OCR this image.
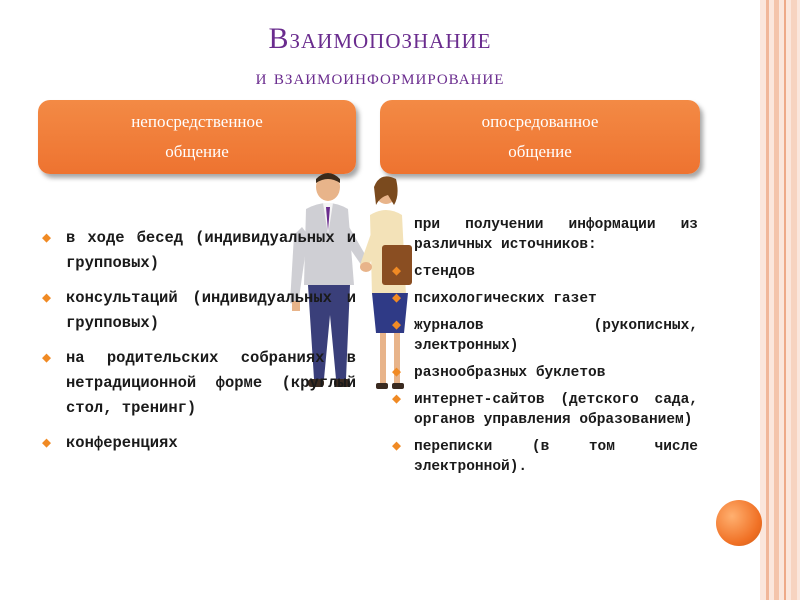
Взаимопознание
и взаимоинформирование
непосредственное
общение
опосредованное
общение
◆ в ходе бесед (индивидуальных и групповых)
◆ консультаций (индивидуальных и групповых)
◆ на родительских собраниях в нетрадиционной форме (круглый стол, тренинг)
◆ конференциях
при получении информации из различных источников:
◆ стендов
◆ психологических газет
◆ журналов (рукописных, электронных)
◆ разнообразных буклетов
◆ интернет-сайтов (детского сада, органов управления образованием)
◆ переписки (в том числе электронной).
